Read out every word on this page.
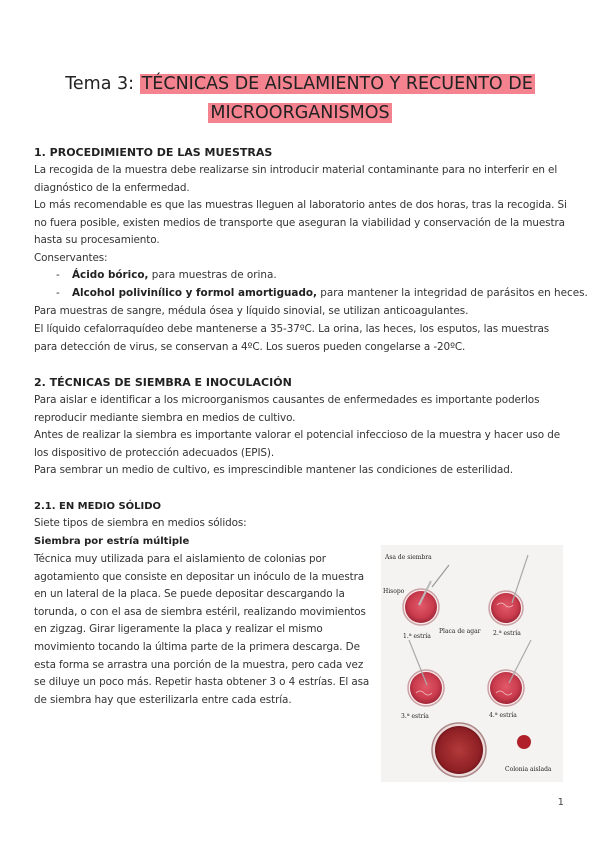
Tema 3: TÉCNICAS DE AISLAMIENTO Y RECUENTO DE
MICROORGANISMOS
1. PROCEDIMIENTO DE LAS MUESTRAS
La recogida de la muestra debe realizarse sin introducir material contaminante para no interferir en el diagnóstico de la enfermedad.
Lo más recomendable es que las muestras lleguen al laboratorio antes de dos horas, tras la recogida. Si no fuera posible, existen medios de transporte que aseguran la viabilidad y conservación de la muestra hasta su procesamiento.
Conservantes:
- Ácido bórico, para muestras de orina.
- Alcohol polivinílico y formol amortiguado, para mantener la integridad de parásitos en heces.
Para muestras de sangre, médula ósea y líquido sinovial, se utilizan anticoagulantes.
El líquido cefalorraquídeo debe mantenerse a 35-37ºC. La orina, las heces, los esputos, las muestras para detección de virus, se conservan a 4ºC. Los sueros pueden congelarse a -20ºC.
2. TÉCNICAS DE SIEMBRA E INOCULACIÓN
Para aislar e identificar a los microorganismos causantes de enfermedades es importante poderlos reproducir mediante siembra en medios de cultivo.
Antes de realizar la siembra es importante valorar el potencial infeccioso de la muestra y hacer uso de los dispositivo de protección adecuados (EPIS).
Para sembrar un medio de cultivo, es imprescindible mantener las condiciones de esterilidad.
2.1. EN MEDIO SÓLIDO
Siete tipos de siembra en medios sólidos:
Siembra por estría múltiple
Técnica muy utilizada para el aislamiento de colonias por agotamiento que consiste en depositar un inóculo de la muestra en un lateral de la placa. Se puede depositar descargando la torunda, o con el asa de siembra estéril, realizando movimientos en zigzag. Girar ligeramente la placa y realizar el mismo movimiento tocando la última parte de la primera descarga. De esta forma se arrastra una porción de la muestra, pero cada vez se diluye un poco más. Repetir hasta obtener 3 o 4 estrías. El asa de siembra hay que esterilizarla entre cada estría.
Asa de siembra
Hisopo
Placa de agar
1.ª estría	2.ª estría
3.ª estría	4.ª estría
Colonia aislada
1
